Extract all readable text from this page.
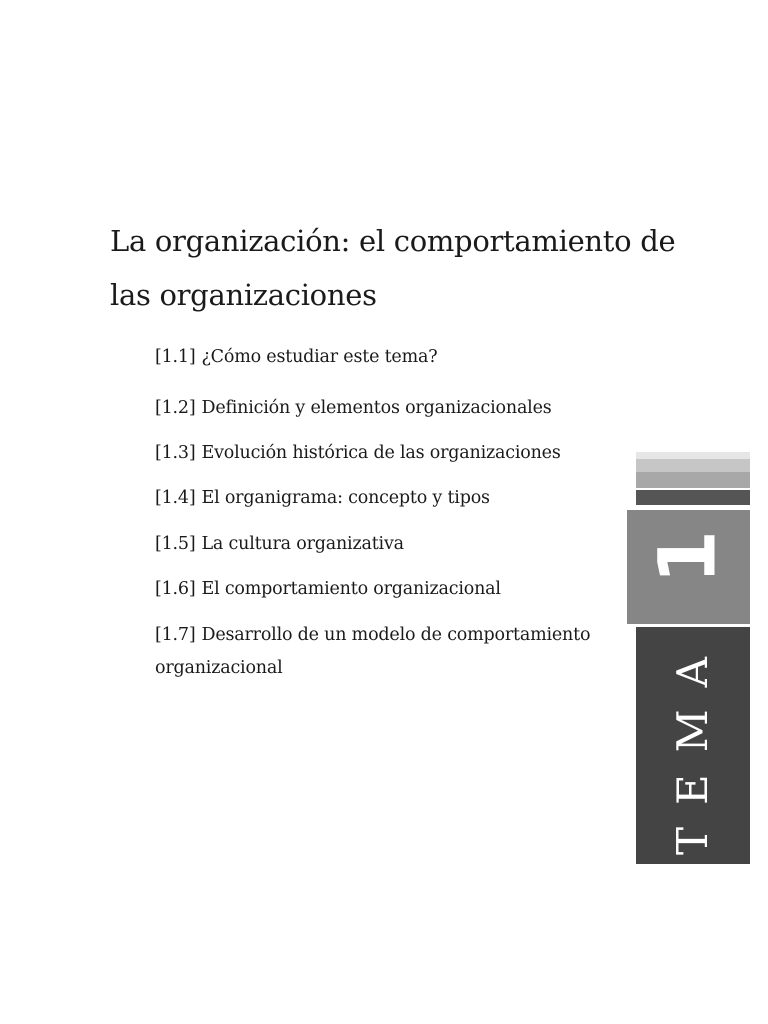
La organización: el comportamiento de las organizaciones
[1.1] ¿Cómo estudiar este tema?
[1.2] Definición y elementos organizacionales
[1.3] Evolución histórica de las organizaciones
[1.4] El organigrama: concepto y tipos
[1.5] La cultura organizativa
[1.6] El comportamiento organizacional
[1.7] Desarrollo de un modelo de comportamiento organizacional
1
TEMA
